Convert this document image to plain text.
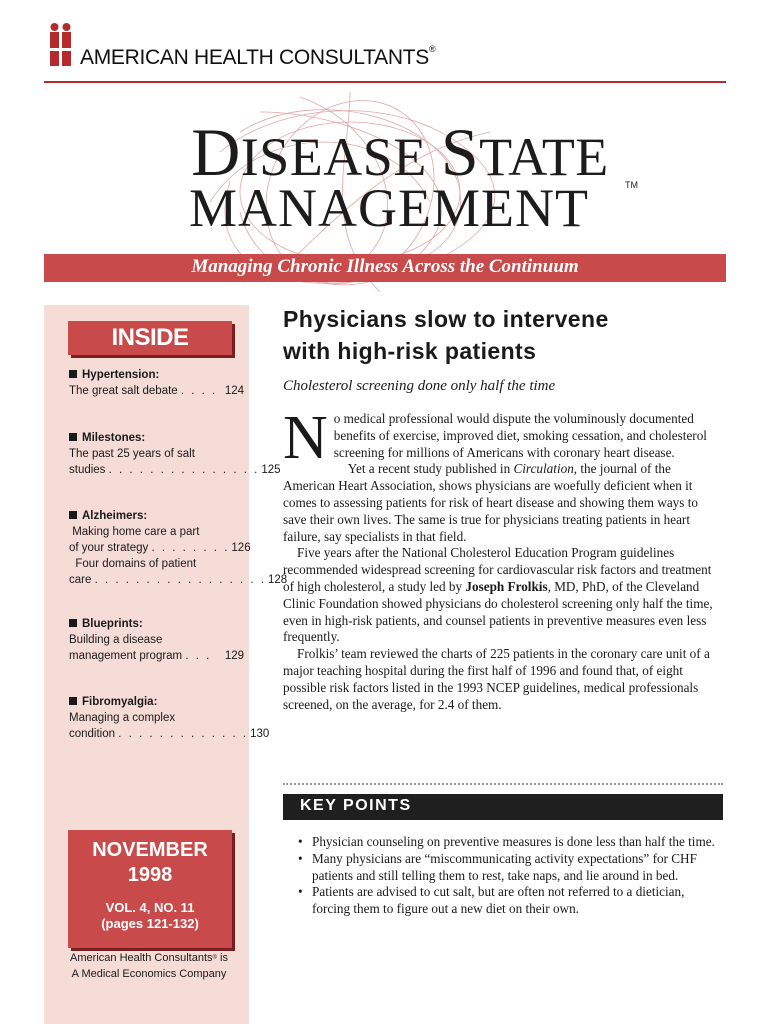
AMERICAN HEALTH CONSULTANTS®
DISEASE STATE
MANAGEMENT	TM
Managing Chronic Illness Across the Continuum
INSIDE
Hypertension:
The great salt debate
. . . . 124
Milestones:
The past 25 years of salt
studies
. . . . . . . . . . . . . . . 125
Alzheimers:
Making home care a part
of your strategy
. . . . . . . . 126
Four domains of patient
care
. . . . . . . . . . . . . . . . . 128
Blueprints:
Building a disease
management program
. . .	129
Fibromyalgia:
Managing a complex
condition
. . . . . . . . . . . . . 130
NOVEMBER
1998
VOL. 4, NO. 11
(pages 121-132)
American Health Consultants® is
A Medical Economics Company
Physicians slow to intervene
with high-risk patients
Cholesterol screening done only half the time

No medical professional would dispute the voluminously documented benefits of exercise, improved diet, smoking cessation, and cholesterol screening for millions of Americans with coronary heart disease.

Yet a recent study published in Circulation, the journal of the American Heart Association, shows physicians are woefully deficient when it comes to assessing patients for risk of heart disease and showing them ways to save their own lives. The same is true for physicians treating patients in heart failure, say specialists in that field.

Five years after the National Cholesterol Education Program guidelines recommended widespread screening for cardiovascular risk factors and treatment of high cholesterol, a study led by Joseph Frolkis, MD, PhD, of the Cleveland Clinic Foundation showed physicians do cholesterol screening only half the time, even in high-risk patients, and counsel patients in preventive measures even less frequently.

Frolkis’ team reviewed the charts of 225 patients in the coronary care unit of a major teaching hospital during the first half of 1996 and found that, of eight possible risk factors listed in the 1993 NCEP guidelines, medical professionals screened, on the average, for 2.4 of them.

KEY POINTS
• Physician counseling on preventive measures is done less than half the time.
• Many physicians are “miscommunicating activity expectations” for CHF patients and still telling them to rest, take naps, and lie around in bed.
• Patients are advised to cut salt, but are often not referred to a dietician, forcing them to figure out a new diet on their own.
